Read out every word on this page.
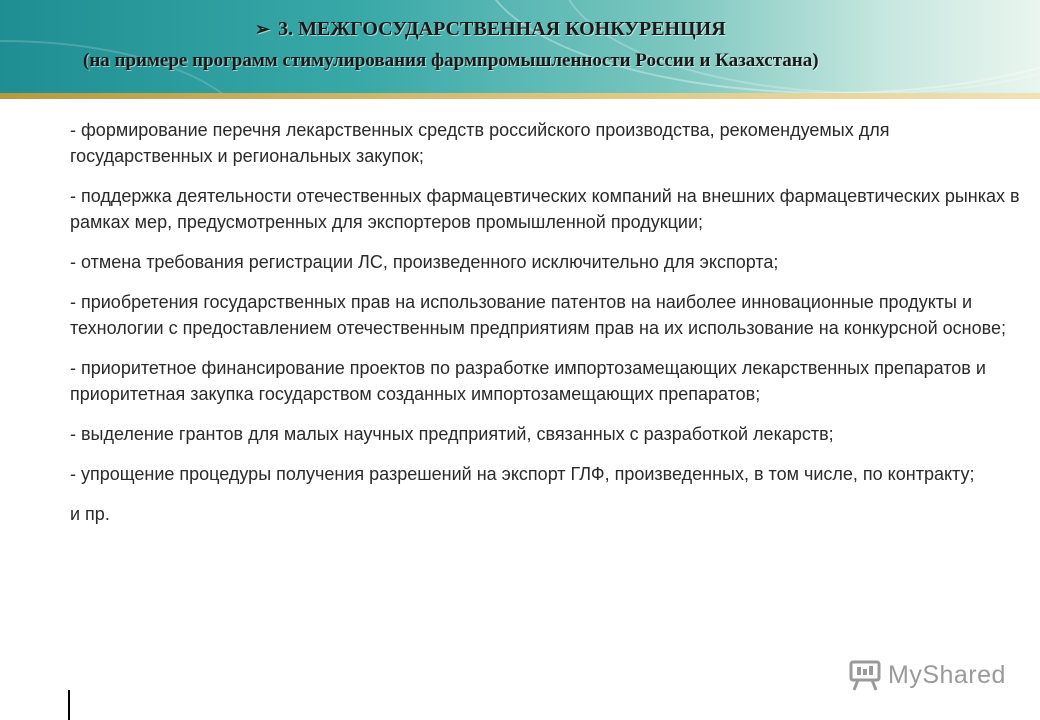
➢ 3. МЕЖГОСУДАРСТВЕННАЯ КОНКУРЕНЦИЯ
(на примере программ стимулирования фармпромышленности России и Казахстана)

- формирование перечня лекарственных средств российского производства, рекомендуемых для государственных и региональных закупок;

- поддержка деятельности отечественных фармацевтических компаний на внешних фармацевтических рынках в рамках мер, предусмотренных для экспортеров промышленной продукции;

- отмена требования регистрации ЛС, произведенного исключительно для экспорта;

- приобретения государственных прав на использование патентов на наиболее инновационные продукты и технологии с предоставлением отечественным предприятиям прав на их использование на конкурсной основе;

- приоритетное финансирование проектов по разработке импортозамещающих лекарственных препаратов и приоритетная закупка государством созданных импортозамещающих препаратов;

- выделение грантов для малых научных предприятий, связанных с разработкой лекарств;

- упрощение процедуры получения разрешений на экспорт ГЛФ, произведенных, в том числе, по контракту;

и пр.

MyShared
